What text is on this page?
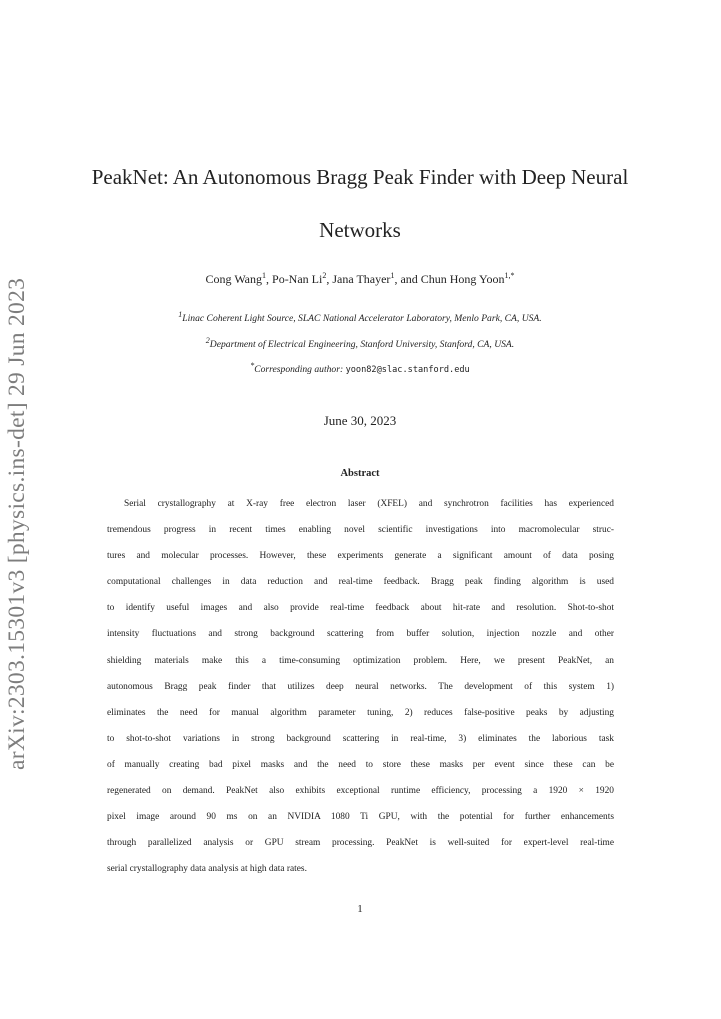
arXiv:2303.15301v3 [physics.ins-det] 29 Jun 2023
PeakNet: An Autonomous Bragg Peak Finder with Deep Neural
Networks
Cong Wang$^1$, Po-Nan Li$^2$, Jana Thayer$^1$, and Chun Hong Yoon$^{1,*}$
$^1$Linac Coherent Light Source, SLAC National Accelerator Laboratory, Menlo Park, CA, USA.
$^2$Department of Electrical Engineering, Stanford University, Stanford, CA, USA.
*Corresponding author: yoon82@slac.stanford.edu
June 30, 2023
Abstract
Serial crystallography at X-ray free electron laser (XFEL) and synchrotron facilities has experienced
tremendous progress in recent times enabling novel scientific investigations into macromolecular struc-
tures and molecular processes. However, these experiments generate a significant amount of data posing
computational challenges in data reduction and real-time feedback. Bragg peak finding algorithm is used
to identify useful images and also provide real-time feedback about hit-rate and resolution. Shot-to-shot
intensity fluctuations and strong background scattering from buffer solution, injection nozzle and other
shielding materials make this a time-consuming optimization problem. Here, we present PeakNet, an
autonomous Bragg peak finder that utilizes deep neural networks. The development of this system 1)
eliminates the need for manual algorithm parameter tuning, 2) reduces false-positive peaks by adjusting
to shot-to-shot variations in strong background scattering in real-time, 3) eliminates the laborious task
of manually creating bad pixel masks and the need to store these masks per event since these can be
regenerated on demand. PeakNet also exhibits exceptional runtime efficiency, processing a 1920 × 1920
pixel image around 90 ms on an NVIDIA 1080 Ti GPU, with the potential for further enhancements
through parallelized analysis or GPU stream processing. PeakNet is well-suited for expert-level real-time
serial crystallography data analysis at high data rates.
1
